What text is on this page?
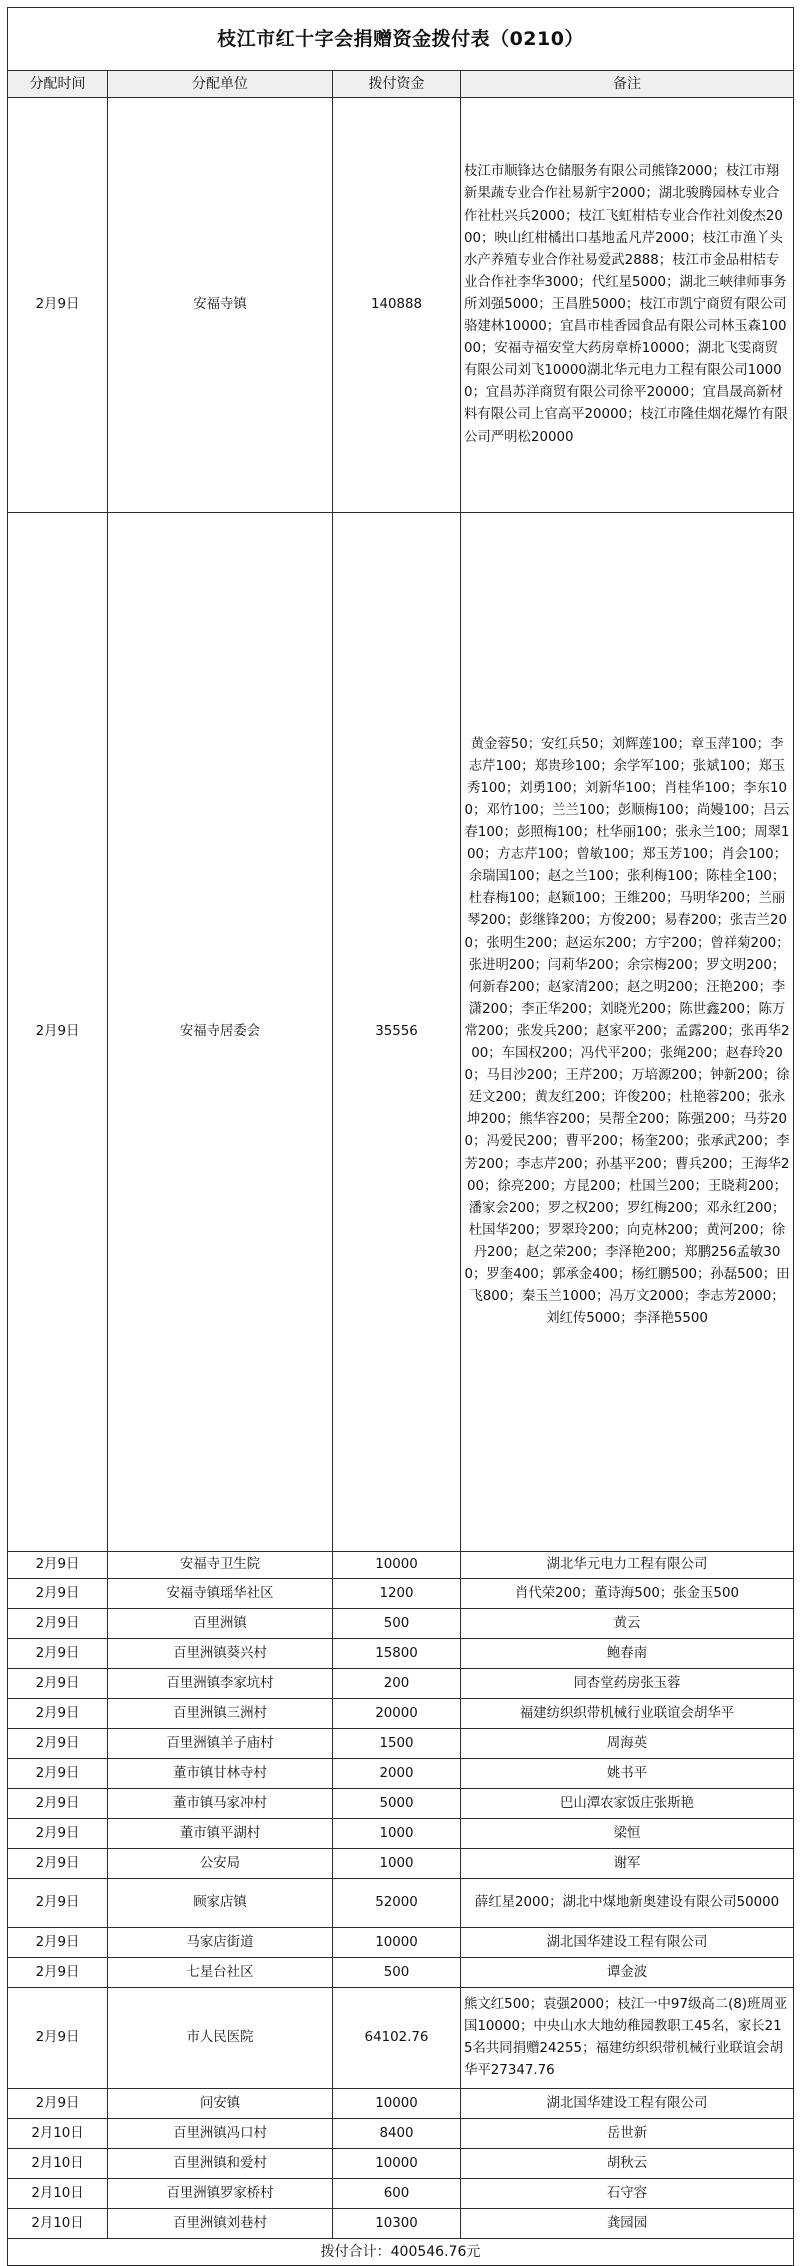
枝江市红十字会捐赠资金拨付表（0210）			
分配时间	分配单位	拨付资金	备注
2月9日	安福寺镇	140888	枝江市顺锋达仓储服务有限公司熊锋2000；枝江市翔新果蔬专业合作社易新宇2000；湖北骏腾园林专业合作社杜兴兵2000；枝江飞虹柑桔专业合作社刘俊杰2000；映山红柑橘出口基地孟凡芹2000；枝江市渔丫头水产养殖专业合作社易爱武2888；枝江市金品柑桔专业合作社李华3000；代红星5000；湖北三峡律师事务所刘强5000；王昌胜5000；枝江市凯宁商贸有限公司骆建林10000；宜昌市桂香园食品有限公司林玉森10000；安福寺福安堂大药房章桥10000；湖北飞雯商贸有限公司刘飞10000湖北华元电力工程有限公司10000；宜昌苏洋商贸有限公司徐平20000；宜昌晟高新材料有限公司上官高平20000；枝江市隆佳烟花爆竹有限公司严明松20000
2月9日	安福寺居委会	35556	黄金蓉50；安红兵50；刘辉莲100；章玉萍100；李志芹100；郑贵珍100；余学军100；张斌100；郑玉秀100；刘勇100；刘新华100；肖桂华100；李东100；邓竹100；兰兰100；彭顺梅100；尚嫚100；吕云春100；彭照梅100；杜华丽100；张永兰100；周翠100；方志芹100；曾敏100；郑玉芳100；肖会100；余瑞国100；赵之兰100；张利梅100；陈桂全100；杜春梅100；赵颖100；王维200；马明华200；兰丽琴200；彭继锋200；方俊200；易春200；张吉兰200；张明生200；赵运东200；方宇200；曾祥菊200；张进明200；闫莉华200；余宗梅200；罗文明200；何新春200；赵家清200；赵之明200；汪艳200；李潇200；李正华200；刘晓光200；陈世鑫200；陈万常200；张发兵200；赵家平200；孟露200；张再华200；车国权200；冯代平200；张绳200；赵春玲200；马目沙200；王芹200；万培源200；钟新200；徐廷文200；黄友红200；许俊200；杜艳蓉200；张永坤200；熊华容200；吴帮全200；陈强200；马芬200；冯爱民200；曹平200；杨奎200；张承武200；李芳200；李志芹200；孙基平200；曹兵200；王海华200；徐亮200；方昆200；杜国兰200；王晓莉200；潘家会200；罗之权200；罗红梅200；邓永红200；杜国华200；罗翠玲200；向克林200；黄河200；徐丹200；赵之荣200；李泽艳200；郑鹏256孟敏300；罗奎400；郭承金400；杨红鹏500；孙磊500；田飞800；秦玉兰1000；冯万文2000；李志芳2000；刘红传5000；李泽艳5500
2月9日	安福寺卫生院	10000	湖北华元电力工程有限公司
2月9日	安福寺镇瑶华社区	1200	肖代荣200；董诗海500；张金玉500
2月9日	百里洲镇	500	黄云
2月9日	百里洲镇葵兴村	15800	鲍春南
2月9日	百里洲镇李家坑村	200	同杏堂药房张玉蓉
2月9日	百里洲镇三洲村	20000	福建纺织织带机械行业联谊会胡华平
2月9日	百里洲镇羊子庙村	1500	周海英
2月9日	董市镇甘林寺村	2000	姚书平
2月9日	董市镇马家冲村	5000	巴山潭农家饭庄张斯艳
2月9日	董市镇平湖村	1000	梁恒
2月9日	公安局	1000	谢军
2月9日	顾家店镇	52000	薛红星2000；湖北中煤地新奥建设有限公司50000
2月9日	马家店街道	10000	湖北国华建设工程有限公司
2月9日	七星台社区	500	谭金波
2月9日	市人民医院	64102.76	熊文红500；袁强2000；枝江一中97级高二(8)班周亚国10000；中央山水大地幼稚园教职工45名，家长215名共同捐赠24255；福建纺织织带机械行业联谊会胡华平27347.76
2月9日	问安镇	10000	湖北国华建设工程有限公司
2月10日	百里洲镇冯口村	8400	岳世新
2月10日	百里洲镇和爱村	10000	胡秋云
2月10日	百里洲镇罗家桥村	600	石守容
2月10日	百里洲镇刘巷村	10300	龚园园
拨付合计：400546.76元			
